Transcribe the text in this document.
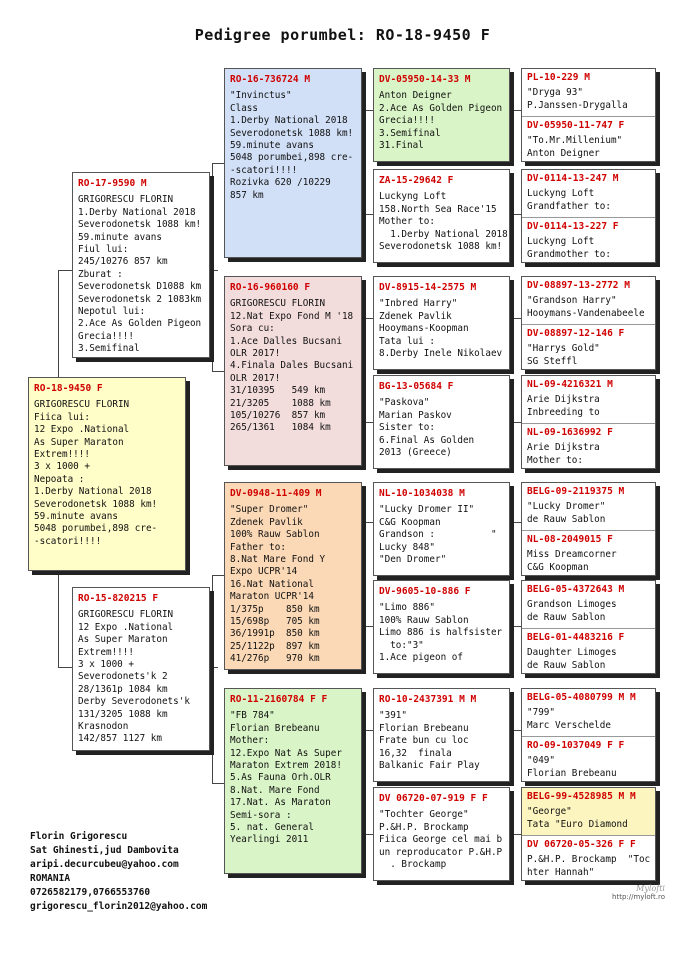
Pedigree porumbel: RO-18-9450 F
RO-18-9450 F
GRIGORESCU FLORIN
Fiica lui:
12 Expo .National
As Super Maraton
Extrem!!!!
3 x 1000 +
Nepoata :
1.Derby National 2018
Severodonetsk 1088 km!
59.minute avans
5048 porumbei,898 cre-
-scatori!!!!
RO-17-9590 M
GRIGORESCU FLORIN
1.Derby National 2018
Severodonetsk 1088 km!
59.minute avans
Fiul lui:
245/10276 857 km
Zburat :
Severodonetsk D1088 km
Severodonetsk 2 1083km
Nepotul lui:
2.Ace As Golden Pigeon
Grecia!!!!
3.Semifinal
RO-15-820215 F
GRIGORESCU FLORIN
12 Expo .National
As Super Maraton
Extrem!!!!
3 x 1000 +
Severodonets'k 2
28/1361p 1084 km
Derby Severodonets'k
131/3205 1088 km
Krasnodon
142/857 1127 km
RO-16-736724 M
"Invinctus"
Class
1.Derby National 2018
Severodonetsk 1088 km!
59.minute avans
5048 porumbei,898 cre-
-scatori!!!!
Rozivka 620 /10229
857 km
RO-16-960160 F
GRIGORESCU FLORIN
12.Nat Expo Fond M '18
Sora cu:
1.Ace Dalles Bucsani
OLR 2017!
4.Finala Dales Bucsani
OLR 2017!
31/10395   549 km
21/3205    1088 km
105/10276  857 km
265/1361   1084 km
DV-0948-11-409 M
"Super Dromer"
Zdenek Pavlik
100% Rauw Sablon
Father to:
8.Nat Mare Fond Y
Expo UCPR'14
16.Nat National
Maraton UCPR'14
1/375p    850 km
15/698p   705 km
36/1991p  850 km
25/1122p  897 km
41/276p   970 km
RO-11-2160784 F F
"FB 784"
Florian Brebeanu
Mother:
12.Expo Nat As Super
Maraton Extrem 2018!
5.As Fauna Orh.OLR
8.Nat. Mare Fond
17.Nat. As Maraton
Semi-sora :
5. nat. General
Yearlingi 2011
DV-05950-14-33 M
Anton Deigner
2.Ace As Golden Pigeon
Grecia!!!!
3.Semifinal
31.Final
ZA-15-29642 F
Luckyng Loft
158.North Sea Race'15
Mother to:
1.Derby National 2018
Severodonetsk 1088 km!
DV-8915-14-2575 M
"Inbred Harry"
Zdenek Pavlik
Hooymans-Koopman
Tata lui :
8.Derby Inele Nikolaev
BG-13-05684 F
"Paskova"
Marian Paskov
Sister to:
6.Final As Golden
2013 (Greece)
NL-10-1034038 M
"Lucky Dromer II"
C&G Koopman
Grandson :          "
Lucky 848"
"Den Dromer"
DV-9605-10-886 F
"Limo 886"
100% Rauw Sablon
Limo 886 is halfsister
to:"3"
1.Ace pigeon of
RO-10-2437391 M M
"391"
Florian Brebeanu
Frate bun cu loc
16,32  finala
Balkanic Fair Play
DV 06720-07-919 F F
"Tochter George"
P.&H.P. Brockamp
Fiica George cel mai b
un reproducator P.&H.P
. Brockamp
PL-10-229 M
"Dryga 93"
P.Janssen-Drygalla
DV-05950-11-747 F
"To.Mr.Millenium"
Anton Deigner
DV-0114-13-247 M
Luckyng Loft
Grandfather to:
DV-0114-13-227 F
Luckyng Loft
Grandmother to:
DV-08897-13-2772 M
"Grandson Harry"
Hooymans-Vandenabeele
DV-08897-12-146 F
"Harrys Gold"
SG Steffl
NL-09-4216321 M
Arie Dijkstra
Inbreeding to
NL-09-1636992 F
Arie Dijkstra
Mother to:
BELG-09-2119375 M
"Lucky Dromer"
de Rauw Sablon
NL-08-2049015 F
Miss Dreamcorner
C&G Koopman
BELG-05-4372643 M
Grandson Limoges
de Rauw Sablon
BELG-01-4483216 F
Daughter Limoges
de Rauw Sablon
BELG-05-4080799 M M
"799"
Marc Verschelde
RO-09-1037049 F F
"049"
Florian Brebeanu
BELG-99-4528985 M M
"George"
Tata "Euro Diamond
DV 06720-05-326 F F
P.&H.P. Brockamp  "Toc
hter Hannah"
Florin Grigorescu
Sat Ghinesti,jud Dambovita
aripi.decurcubeu@yahoo.com
ROMANIA
0726582179,0766553760
grigorescu_florin2012@yahoo.com
Mylofti
http://myloft.ro
